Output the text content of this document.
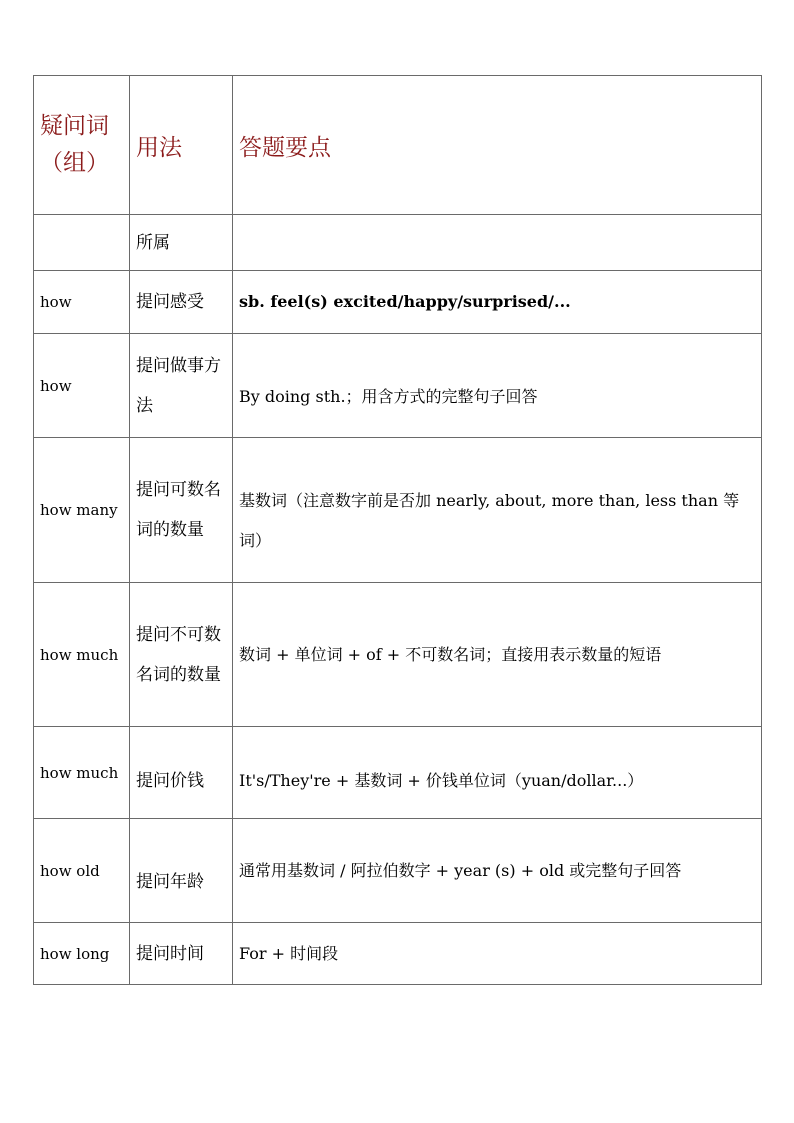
疑问词（组）	用法	答题要点
	所属	
how	提问感受	sb. feel(s) excited/happy/surprised/...
how	提问做事方法	By doing sth.；用含方式的完整句子回答
how many	提问可数名词的数量	基数词（注意数字前是否加 nearly, about, more than, less than 等词）
how much	提问不可数名词的数量	数词 + 单位词 + of + 不可数名词；直接用表示数量的短语
how much	提问价钱	It's/They're + 基数词 + 价钱单位词（yuan/dollar...）
how old	提问年龄	通常用基数词 / 阿拉伯数字 + year (s) + old 或完整句子回答
how long	提问时间	For + 时间段
